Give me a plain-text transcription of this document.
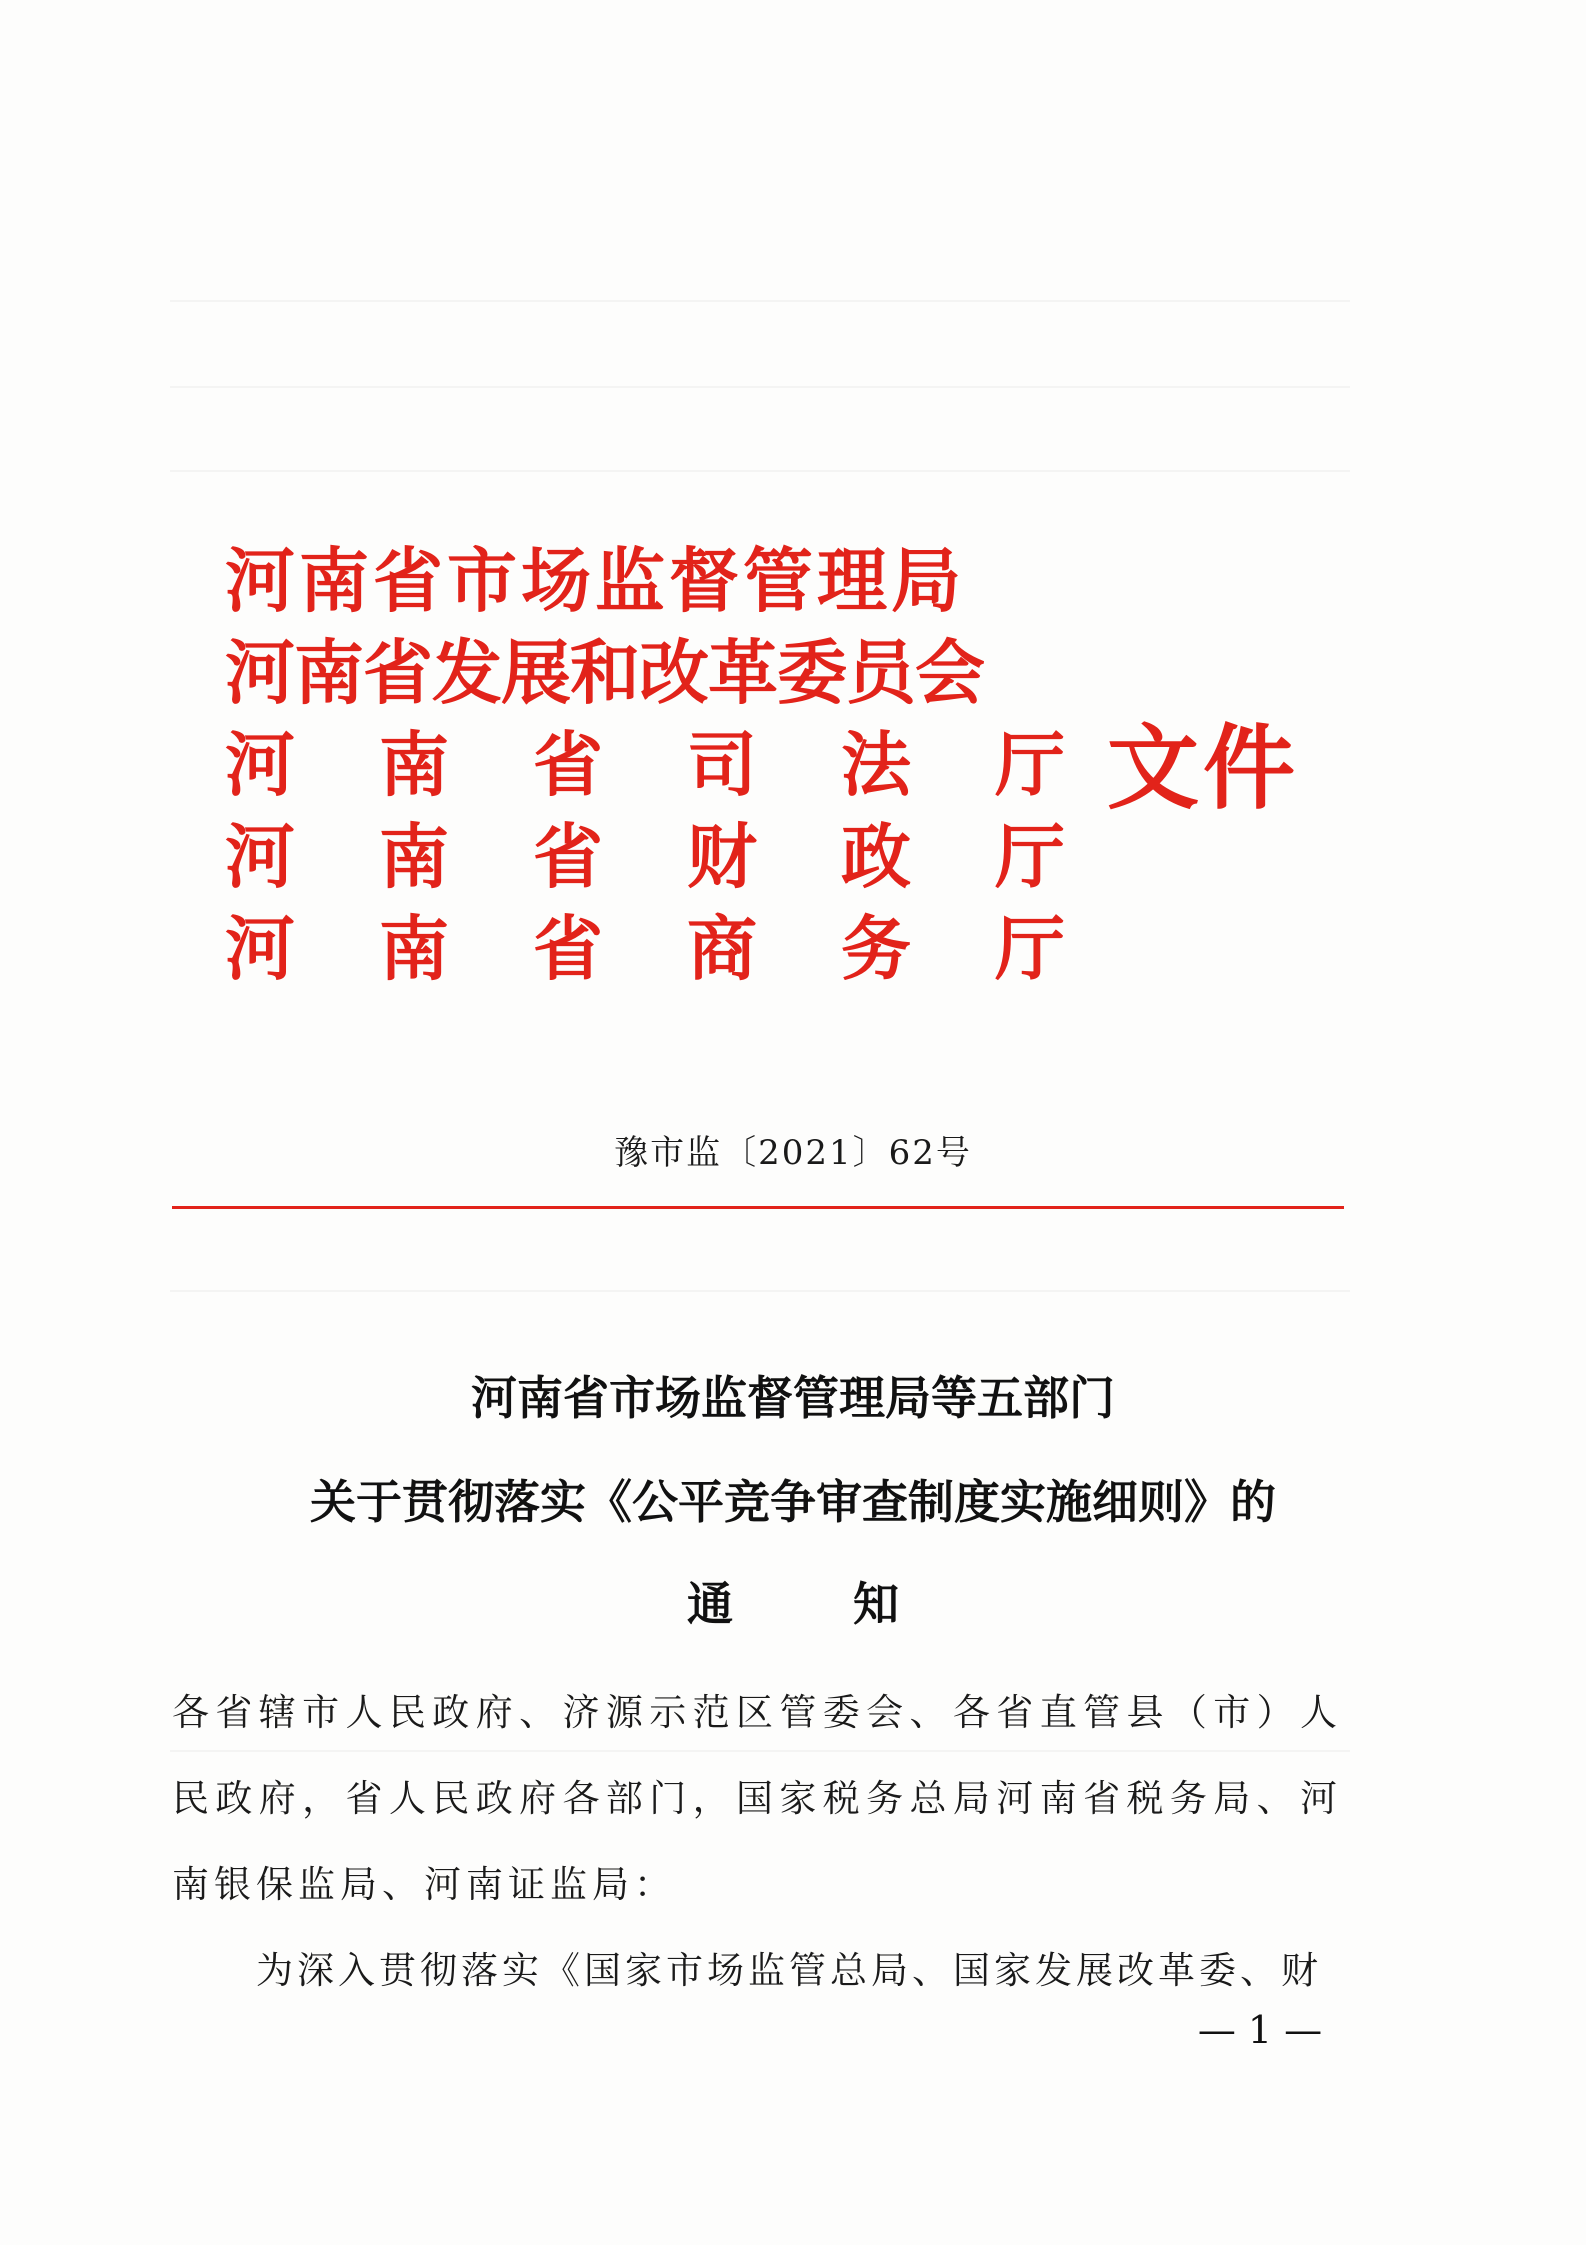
河南省市场监督管理局
河南省发展和改革委员会
河 南 省 司 法 厅
河 南 省 财 政 厅
河 南 省 商 务 厅
文件
豫市监〔2021〕62号
河南省市场监督管理局等五部门
关于贯彻落实《公平竞争审查制度实施细则》的
通知
各省辖市人民政府、济源示范区管委会、各省直管县（市）人民政府，省人民政府各部门，国家税务总局河南省税务局、河南银保监局、河南证监局：
为深入贯彻落实《国家市场监管总局、国家发展改革委、财
— 1 —
